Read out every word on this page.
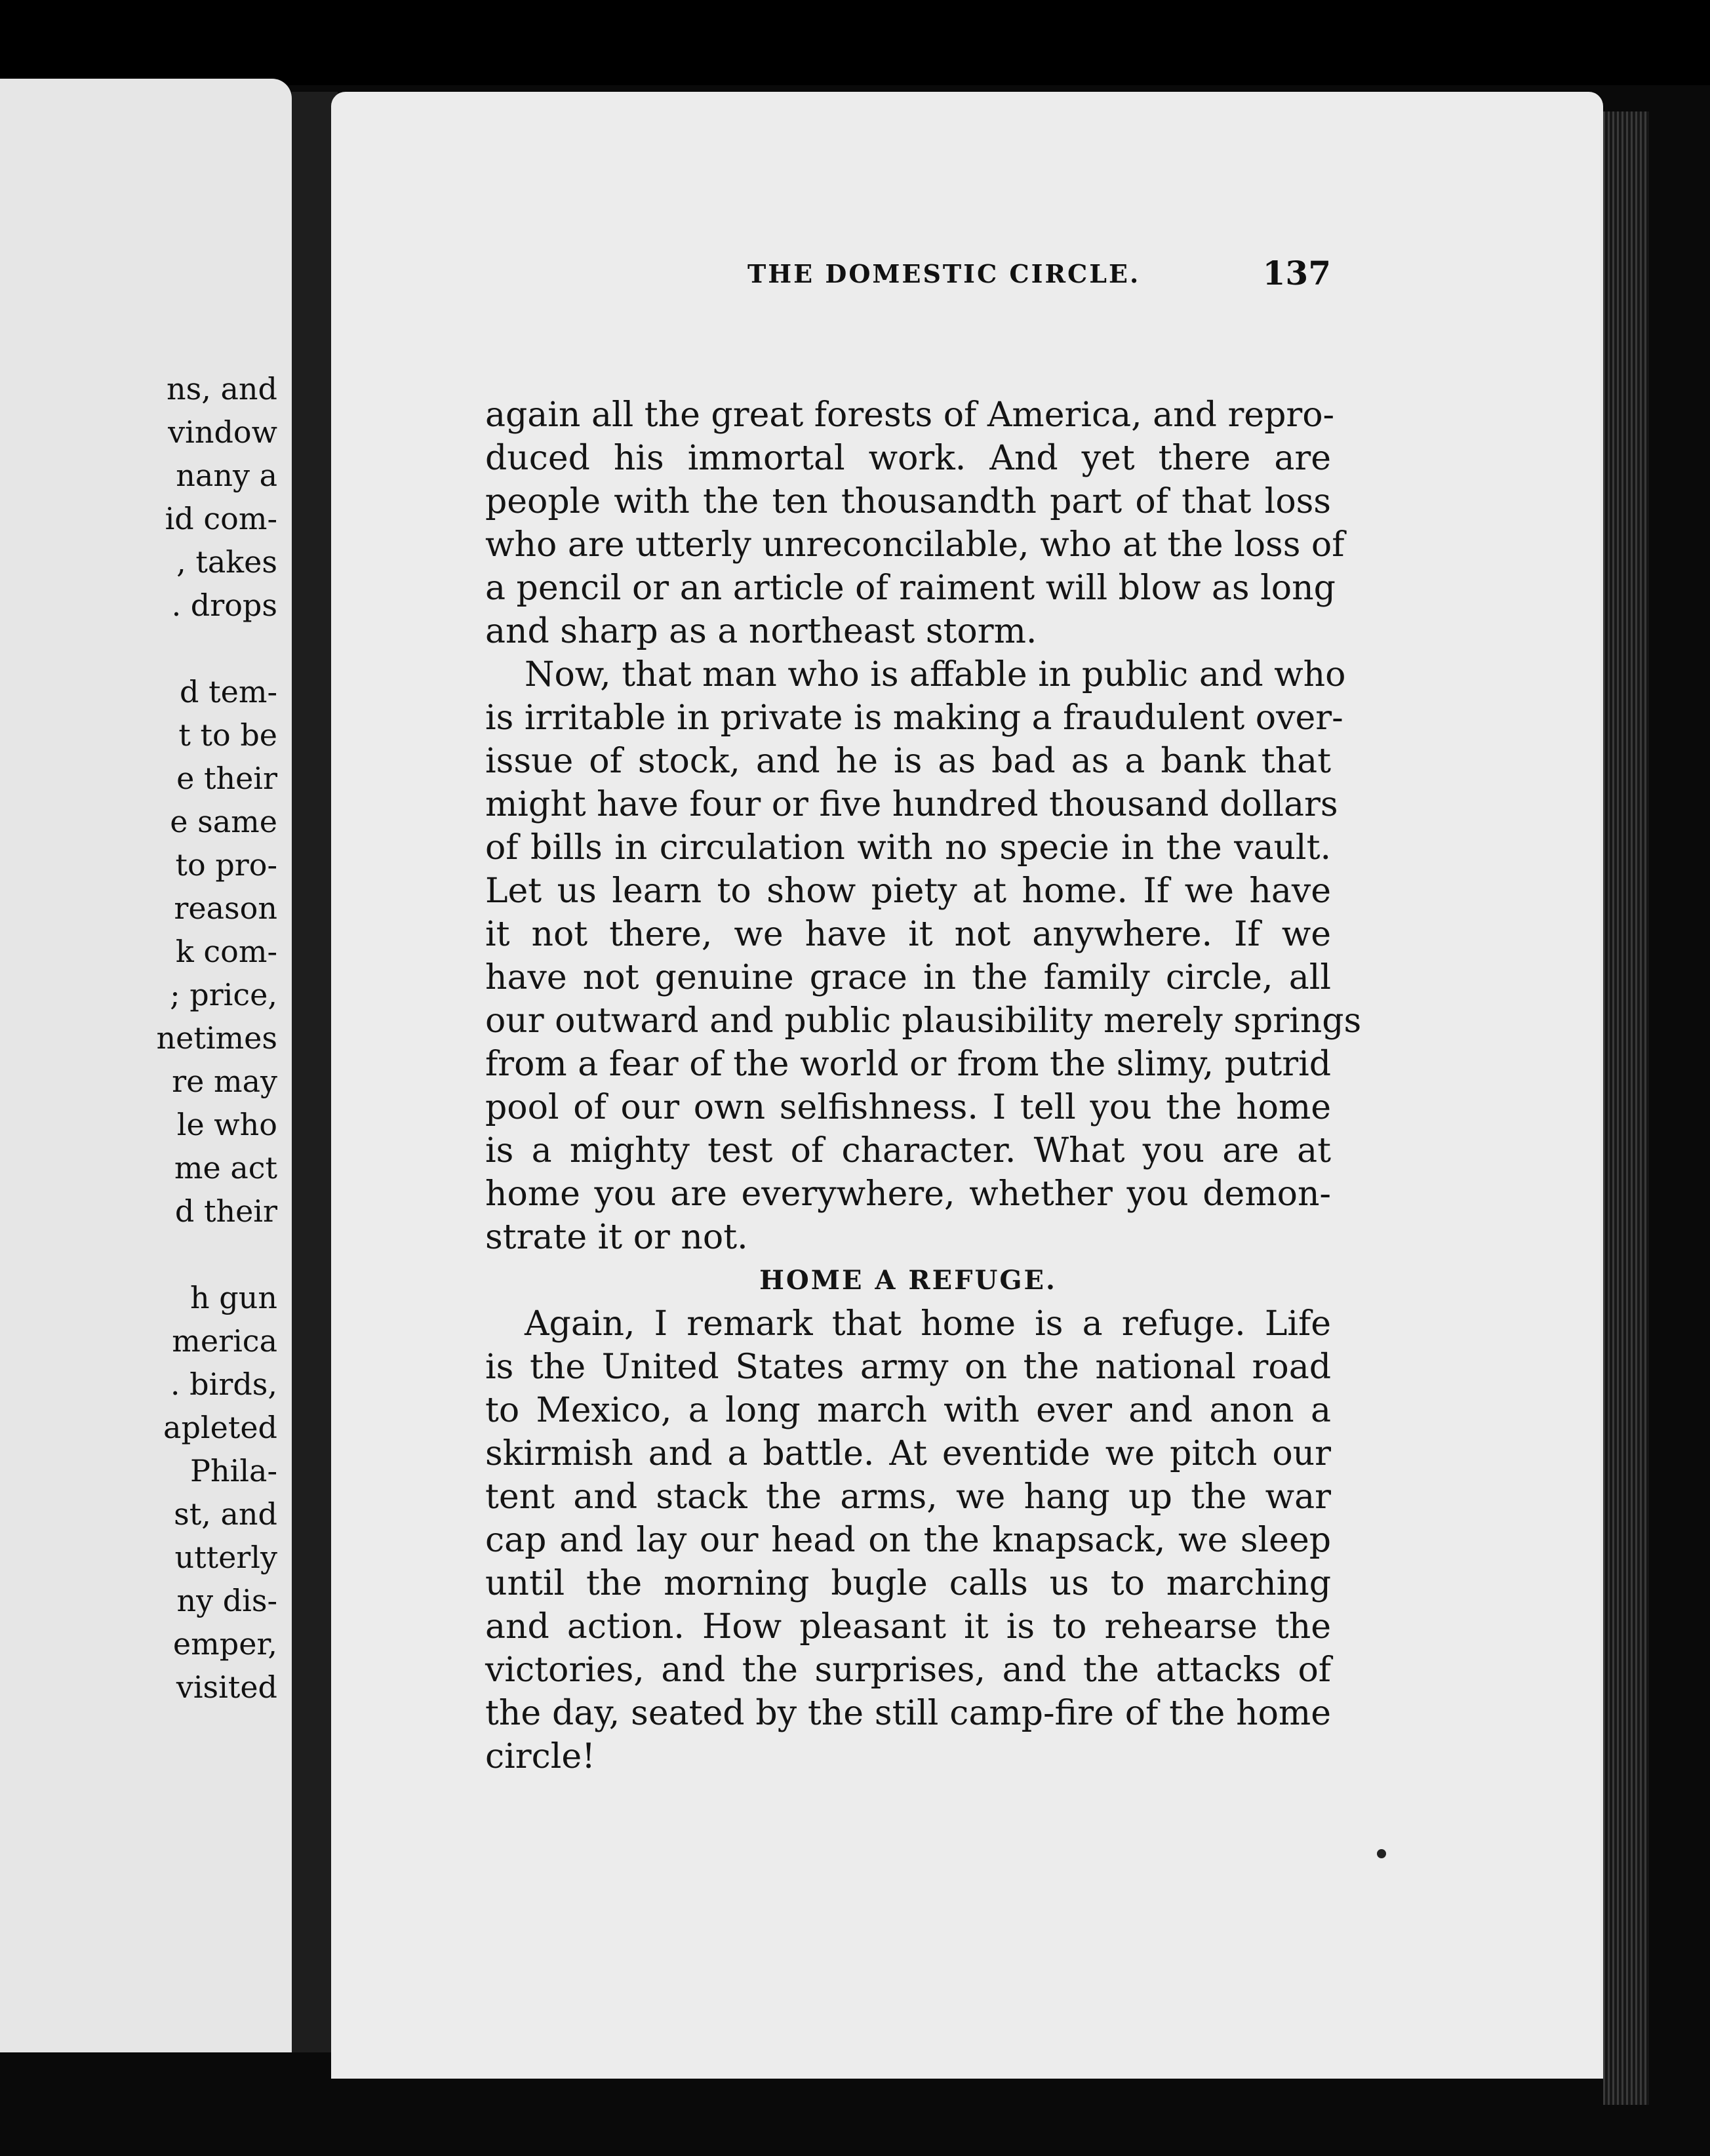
ns, and
vindow
nany a
id com-
, takes
. drops
d tem-
t to be
e their
e same
to pro-
reason
k com-
; price,
netimes
re may
le who
me act
d their
h gun
merica
. birds,
apleted
Phila-
st, and
utterly
ny dis-
emper,
visited
THE DOMESTIC CIRCLE.	137
again all the great forests of America, and repro-
duced his immortal work. And yet there are
people with the ten thousandth part of that loss
who are utterly unreconcilable, who at the loss of
a pencil or an article of raiment will blow as long
and sharp as a northeast storm.
Now, that man who is affable in public and who
is irritable in private is making a fraudulent over-
issue of stock, and he is as bad as a bank that
might have four or five hundred thousand dollars
of bills in circulation with no specie in the vault.
Let us learn to show piety at home. If we have
it not there, we have it not anywhere. If we
have not genuine grace in the family circle, all
our outward and public plausibility merely springs
from a fear of the world or from the slimy, putrid
pool of our own selfishness. I tell you the home
is a mighty test of character. What you are at
home you are everywhere, whether you demon-
strate it or not.
HOME A REFUGE.
Again, I remark that home is a refuge. Life
is the United States army on the national road
to Mexico, a long march with ever and anon a
skirmish and a battle. At eventide we pitch our
tent and stack the arms, we hang up the war
cap and lay our head on the knapsack, we sleep
until the morning bugle calls us to marching
and action. How pleasant it is to rehearse the
victories, and the surprises, and the attacks of
the day, seated by the still camp-fire of the home
circle!
